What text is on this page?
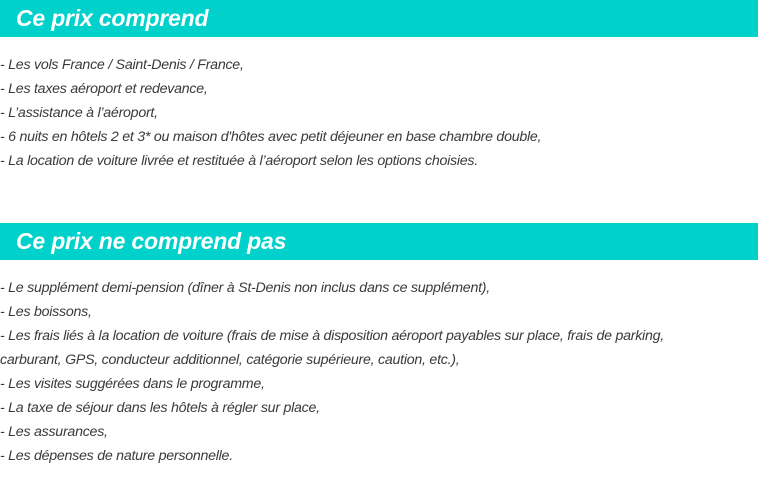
Ce prix comprend
- Les vols France / Saint-Denis / France,
- Les taxes aéroport et redevance,
- L’assistance à l’aéroport,
- 6 nuits en hôtels 2 et 3* ou maison d'hôtes avec petit déjeuner en base chambre double,
- La location de voiture livrée et restituée à l’aéroport selon les options choisies.
Ce prix ne comprend pas
- Le supplément demi-pension (dîner à St-Denis non inclus dans ce supplément),
- Les boissons,
- Les frais liés à la location de voiture (frais de mise à disposition aéroport payables sur place, frais de parking, carburant, GPS, conducteur additionnel, catégorie supérieure, caution, etc.),
- Les visites suggérées dans le programme,
- La taxe de séjour dans les hôtels à régler sur place,
- Les assurances,
- Les dépenses de nature personnelle.
